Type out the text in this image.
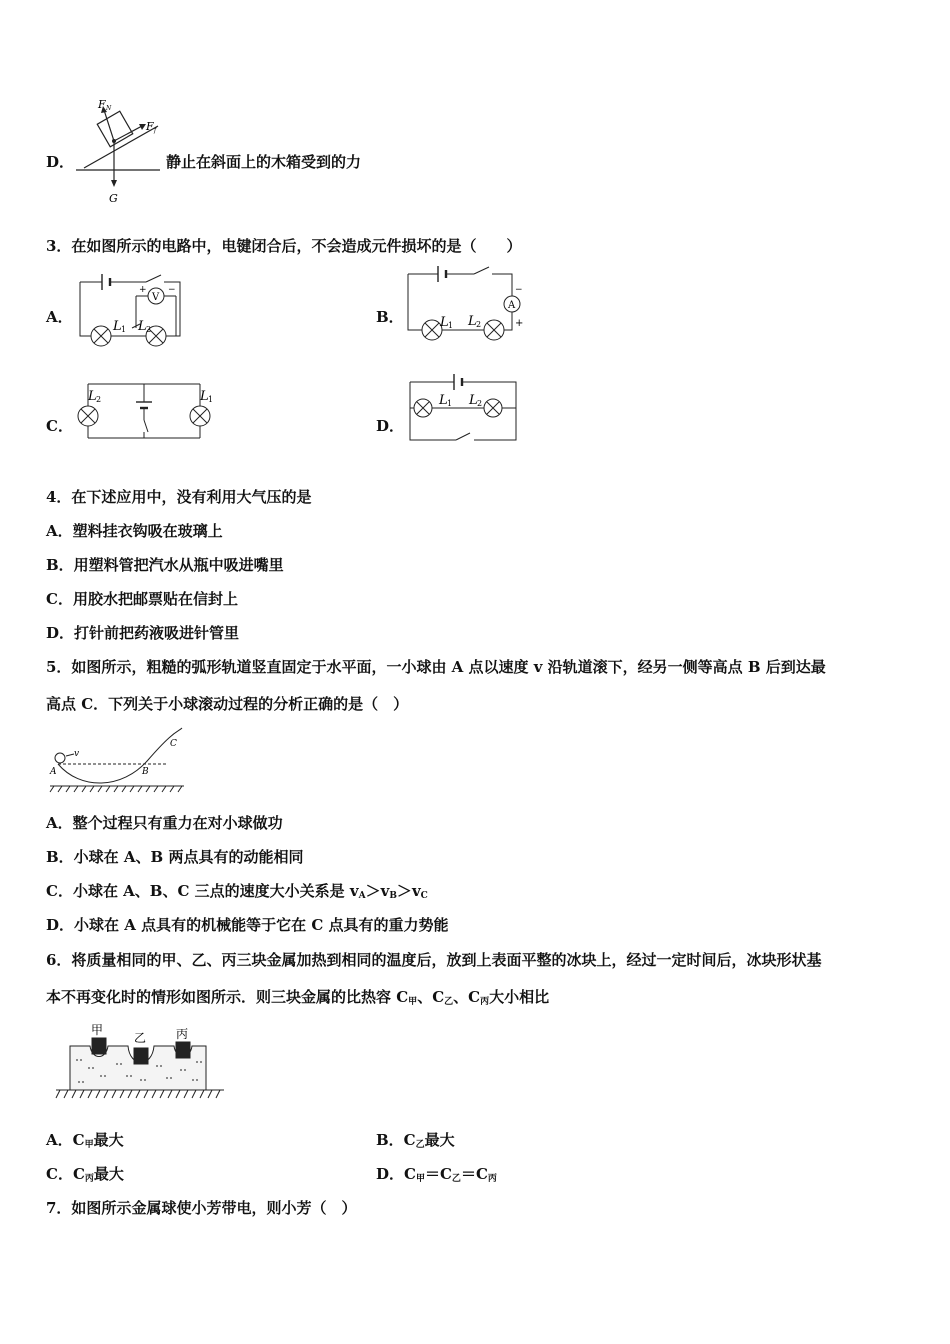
F N
F f
G
D．	静止在斜面上的木箱受到的力
3．在如图所示的电路中，电键闭合后，不会造成元件损坏的是（　　）
A．
V
+ −
L 1 L 2
B．
A
−
+
L 1 L 2
C．
L 2	L 1
D．
L 1 L 2
4．在下述应用中，没有利用大气压的是
A．塑料挂衣钩吸在玻璃上
B．用塑料管把汽水从瓶中吸进嘴里
C．用胶水把邮票贴在信封上
D．打针前把药液吸进针管里
5．如图所示，粗糙的弧形轨道竖直固定于水平面，一小球由 A 点以速度 v 沿轨道滚下，经另一侧等高点 B 后到达最
高点 C．下列关于小球滚动过程的分析正确的是（　）
A	B
C
v
A．整个过程只有重力在对小球做功
B．小球在 A、B 两点具有的动能相同
C．小球在 A、B、C 三点的速度大小关系是 $v_A>v_B>v_C$
D．小球在 A 点具有的机械能等于它在 C 点具有的重力势能
6．将质量相同的甲、乙、丙三块金属加热到相同的温度后，放到上表面平整的冰块上，经过一定时间后，冰块形状基
本不再变化时的情形如图所示．则三块金属的比热容 $C_甲$、$C_乙$、$C_丙$大小相比
甲
乙 丙
A．$C_甲$最大	B．$C_乙$最大
C．$C_丙$最大	D．$C_甲=C_乙=C_丙$
7．如图所示金属球使小芳带电，则小芳（　）
